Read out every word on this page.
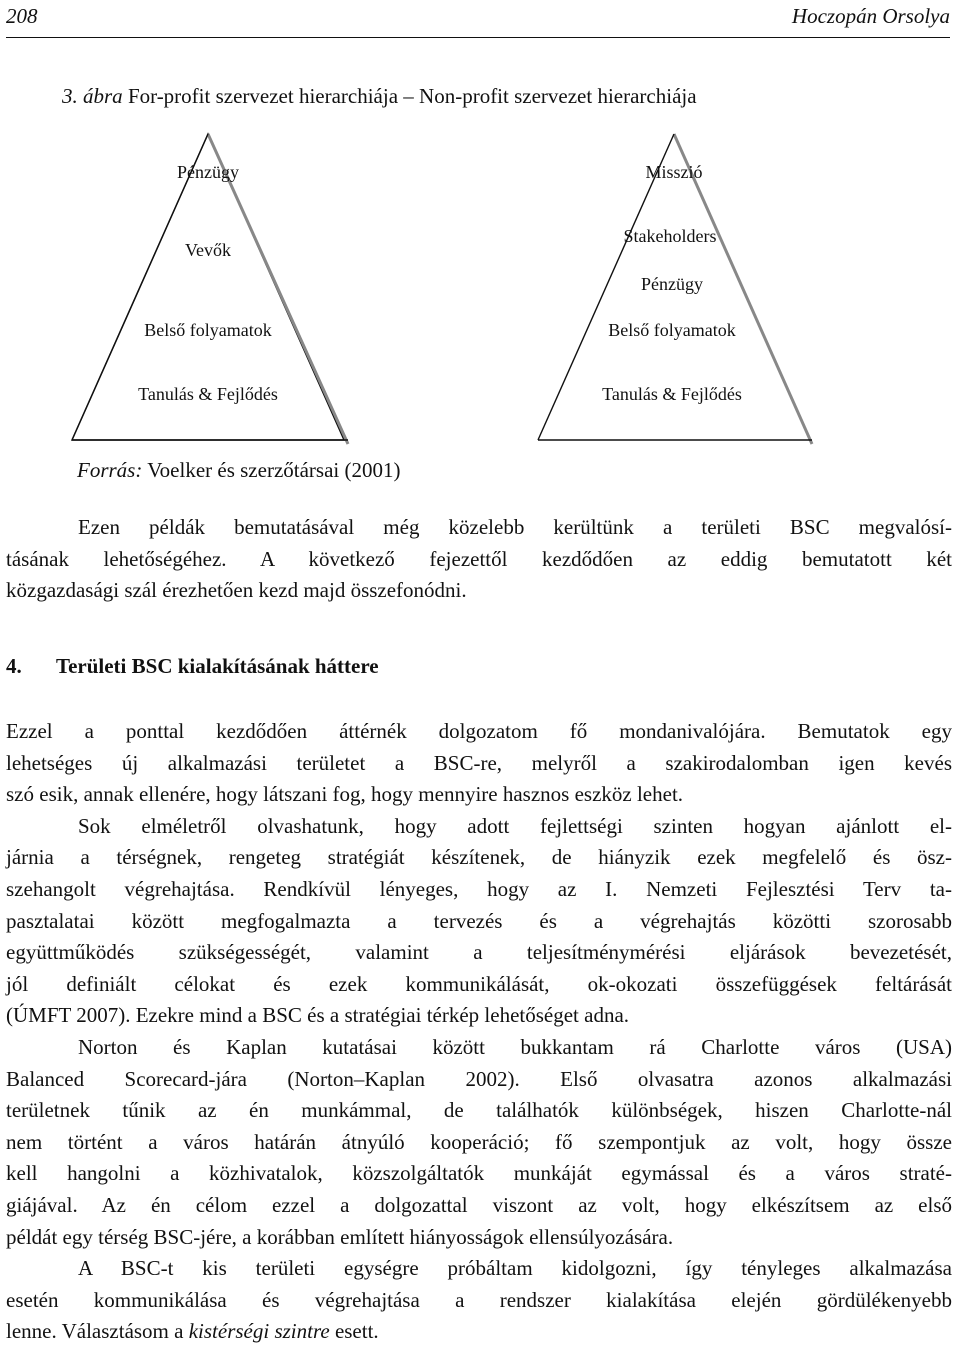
208	Hoczopán Orsolya
3. ábra For-profit szervezet hierarchiája – Non-profit szervezet hierarchiája
Pénzügy
Vevők
Belső folyamatok
Tanulás & Fejlődés
Misszió
Stakeholders
Pénzügy
Belső folyamatok
Tanulás & Fejlődés
Forrás: Voelker és szerzőtársai (2001)
Ezen példák bemutatásával még közelebb kerültünk a területi BSC megvalósí-
tásának lehetőségéhez. A következő fejezettől kezdődően az eddig bemutatott két
közgazdasági szál érezhetően kezd majd összefonódni.
4. Területi BSC kialakításának háttere
Ezzel a ponttal kezdődően áttérnék dolgozatom fő mondanivalójára. Bemutatok egy
lehetséges új alkalmazási területet a BSC-re, melyről a szakirodalomban igen kevés
szó esik, annak ellenére, hogy látszani fog, hogy mennyire hasznos eszköz lehet.
Sok elméletről olvashatunk, hogy adott fejlettségi szinten hogyan ajánlott el-
járnia a térségnek, rengeteg stratégiát készítenek, de hiányzik ezek megfelelő és ösz-
szehangolt végrehajtása. Rendkívül lényeges, hogy az I. Nemzeti Fejlesztési Terv ta-
pasztalatai között megfogalmazta a tervezés és a végrehajtás közötti szorosabb
együttműködés szükségességét, valamint a teljesítménymérési eljárások bevezetését,
jól definiált célokat és ezek kommunikálását, ok-okozati összefüggések feltárását
(ÚMFT 2007). Ezekre mind a BSC és a stratégiai térkép lehetőséget adna.
Norton és Kaplan kutatásai között bukkantam rá Charlotte város (USA)
Balanced Scorecard-jára (Norton–Kaplan 2002). Első olvasatra azonos alkalmazási
területnek tűnik az én munkámmal, de találhatók különbségek, hiszen Charlotte-nál
nem történt a város határán átnyúló kooperáció; fő szempontjuk az volt, hogy össze
kell hangolni a közhivatalok, közszolgáltatók munkáját egymással és a város straté-
giájával. Az én célom ezzel a dolgozattal viszont az volt, hogy elkészítsem az első
példát egy térség BSC-jére, a korábban említett hiányosságok ellensúlyozására.
A BSC-t kis területi egységre próbáltam kidolgozni, így tényleges alkalmazása
esetén kommunikálása és végrehajtása a rendszer kialakítása elején gördülékenyebb
lenne. Választásom a kistérségi szintre esett.
